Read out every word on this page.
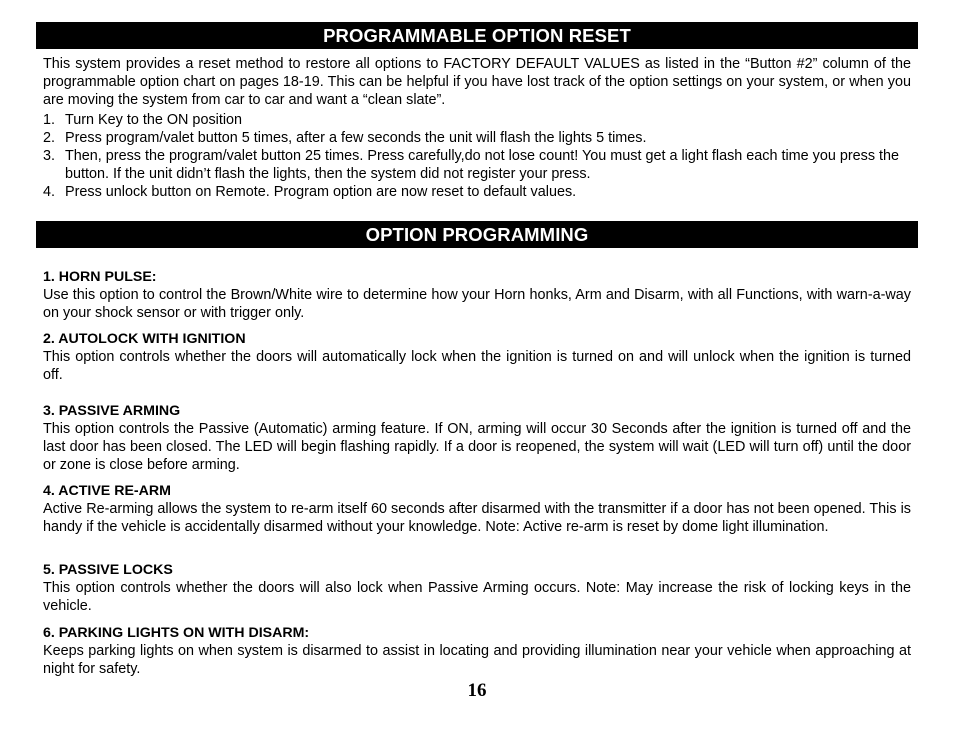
PROGRAMMABLE OPTION RESET

This system provides a reset method to restore all options to FACTORY DEFAULT VALUES as listed in the “Button #2” column of the programmable option chart on pages 18-19. This can be helpful if you have lost track of the option settings on your system, or when you are moving the system from car to car and want a “clean slate”.

1. Turn Key to the ON position
2. Press program/valet button 5 times, after a few seconds the unit will flash the lights 5 times.
3. Then, press the program/valet button 25 times. Press carefully,do not lose count! You must get a light flash each time you press the button. If the unit didn’t flash the lights, then the system did not register your press.
4. Press unlock button on Remote. Program option are now reset to default values.
OPTION PROGRAMMING
1. HORN PULSE:

Use this option to control the Brown/White wire to determine how your Horn honks, Arm and Disarm, with all Functions, with warn-a-way on your shock sensor or with trigger only.

2. AUTOLOCK WITH IGNITION

This option controls whether the doors will automatically lock when the ignition is turned on and will unlock when the ignition is turned off.

3. PASSIVE ARMING

This option controls the Passive (Automatic) arming feature. If ON, arming will occur 30 Seconds after the ignition is turned off and the last door has been closed. The LED will begin flashing rapidly. If a door is reopened, the system will wait (LED will turn off) until the door or zone is close before arming.

4. ACTIVE RE-ARM

Active Re-arming allows the system to re-arm itself 60 seconds after disarmed with the transmitter if a door has not been opened. This is handy if the vehicle is accidentally disarmed without your knowledge. Note: Active re-arm is reset by dome light illumination.

5. PASSIVE LOCKS

This option controls whether the doors will also lock when Passive Arming occurs. Note: May increase the risk of locking keys in the vehicle.

6. PARKING LIGHTS ON WITH DISARM:

Keeps parking lights on when system is disarmed to assist in locating and providing illumination near your vehicle when approaching at night for safety.

16
